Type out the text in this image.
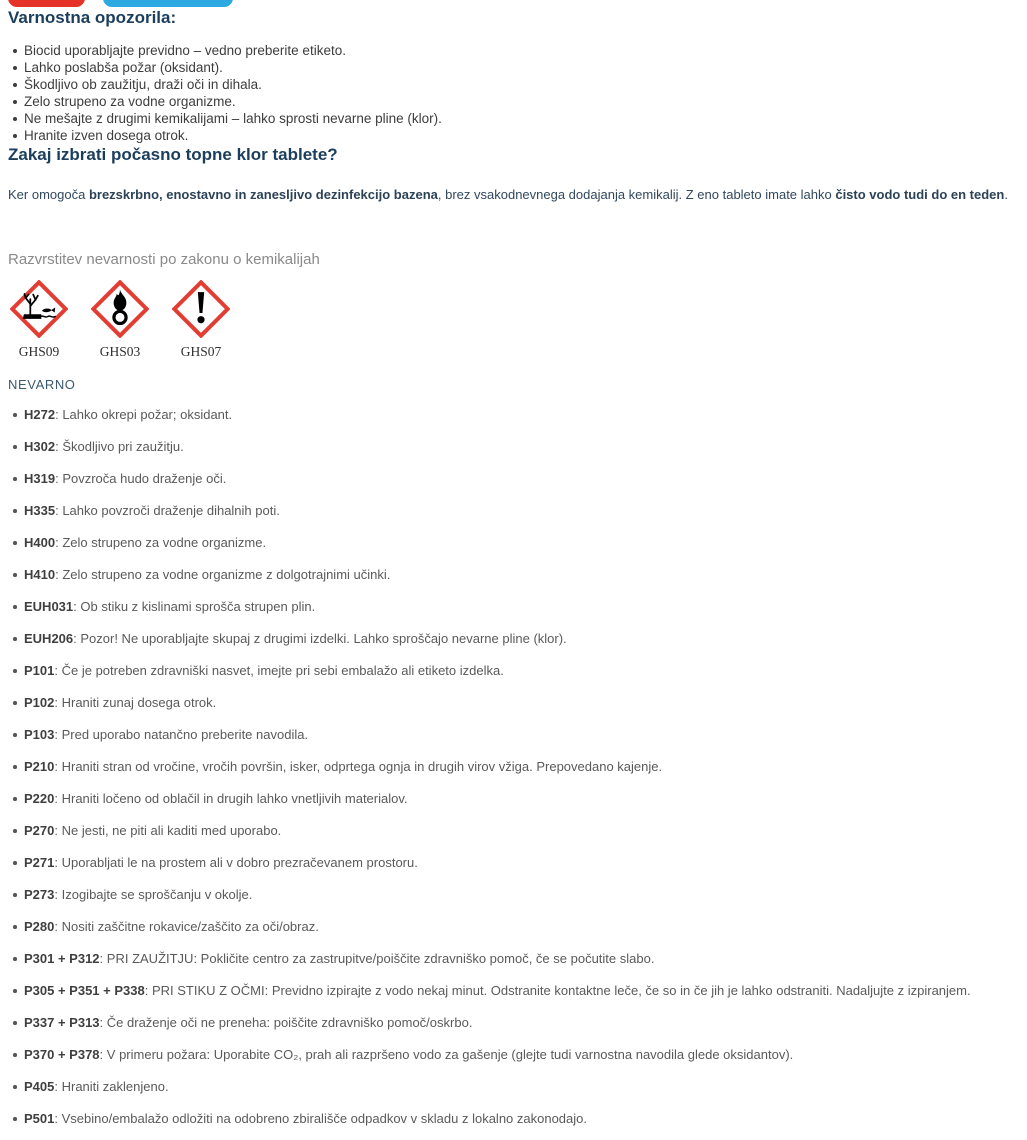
Varnostna opozorila:
Biocid uporabljajte previdno – vedno preberite etiketo.
Lahko poslabša požar (oksidant).
Škodljivo ob zaužitju, draži oči in dihala.
Zelo strupeno za vodne organizme.
Ne mešajte z drugimi kemikalijami – lahko sprosti nevarne pline (klor).
Hranite izven dosega otrok.
Zakaj izbrati počasno topne klor tablete?

Ker omogoča brezskrbno, enostavno in zanesljivo dezinfekcijo bazena, brez vsakodnevnega dodajanja kemikalij. Z eno tableto imate lahko čisto vodo tudi do en teden.

Razvrstitev nevarnosti po zakonu o kemikalijah
GHS09	GHS03	GHS07
NEVARNO
H272: Lahko okrepi požar; oksidant.
H302: Škodljivo pri zaužitju.
H319: Povzroča hudo draženje oči.
H335: Lahko povzroči draženje dihalnih poti.
H400: Zelo strupeno za vodne organizme.
H410: Zelo strupeno za vodne organizme z dolgotrajnimi učinki.
EUH031: Ob stiku z kislinami sprošča strupen plin.
EUH206: Pozor! Ne uporabljajte skupaj z drugimi izdelki. Lahko sproščajo nevarne pline (klor).
P101: Če je potreben zdravniški nasvet, imejte pri sebi embalažo ali etiketo izdelka.
P102: Hraniti zunaj dosega otrok.
P103: Pred uporabo natančno preberite navodila.
P210: Hraniti stran od vročine, vročih površin, isker, odprtega ognja in drugih virov vžiga. Prepovedano kajenje.
P220: Hraniti ločeno od oblačil in drugih lahko vnetljivih materialov.
P270: Ne jesti, ne piti ali kaditi med uporabo.
P271: Uporabljati le na prostem ali v dobro prezračevanem prostoru.
P273: Izogibajte se sproščanju v okolje.
P280: Nositi zaščitne rokavice/zaščito za oči/obraz.
P301 + P312: PRI ZAUŽITJU: Pokličite centro za zastrupitve/poiščite zdravniško pomoč, če se počutite slabo.
P305 + P351 + P338: PRI STIKU Z OČMI: Previdno izpirajte z vodo nekaj minut. Odstranite kontaktne leče, če so in če jih je lahko odstraniti. Nadaljujte z izpiranjem.
P337 + P313: Če draženje oči ne preneha: poiščite zdravniško pomoč/oskrbo.
P370 + P378: V primeru požara: Uporabite CO₂, prah ali razpršeno vodo za gašenje (glejte tudi varnostna navodila glede oksidantov).
P405: Hraniti zaklenjeno.
P501: Vsebino/embalažo odložiti na odobreno zbirališče odpadkov v skladu z lokalno zakonodajo.
